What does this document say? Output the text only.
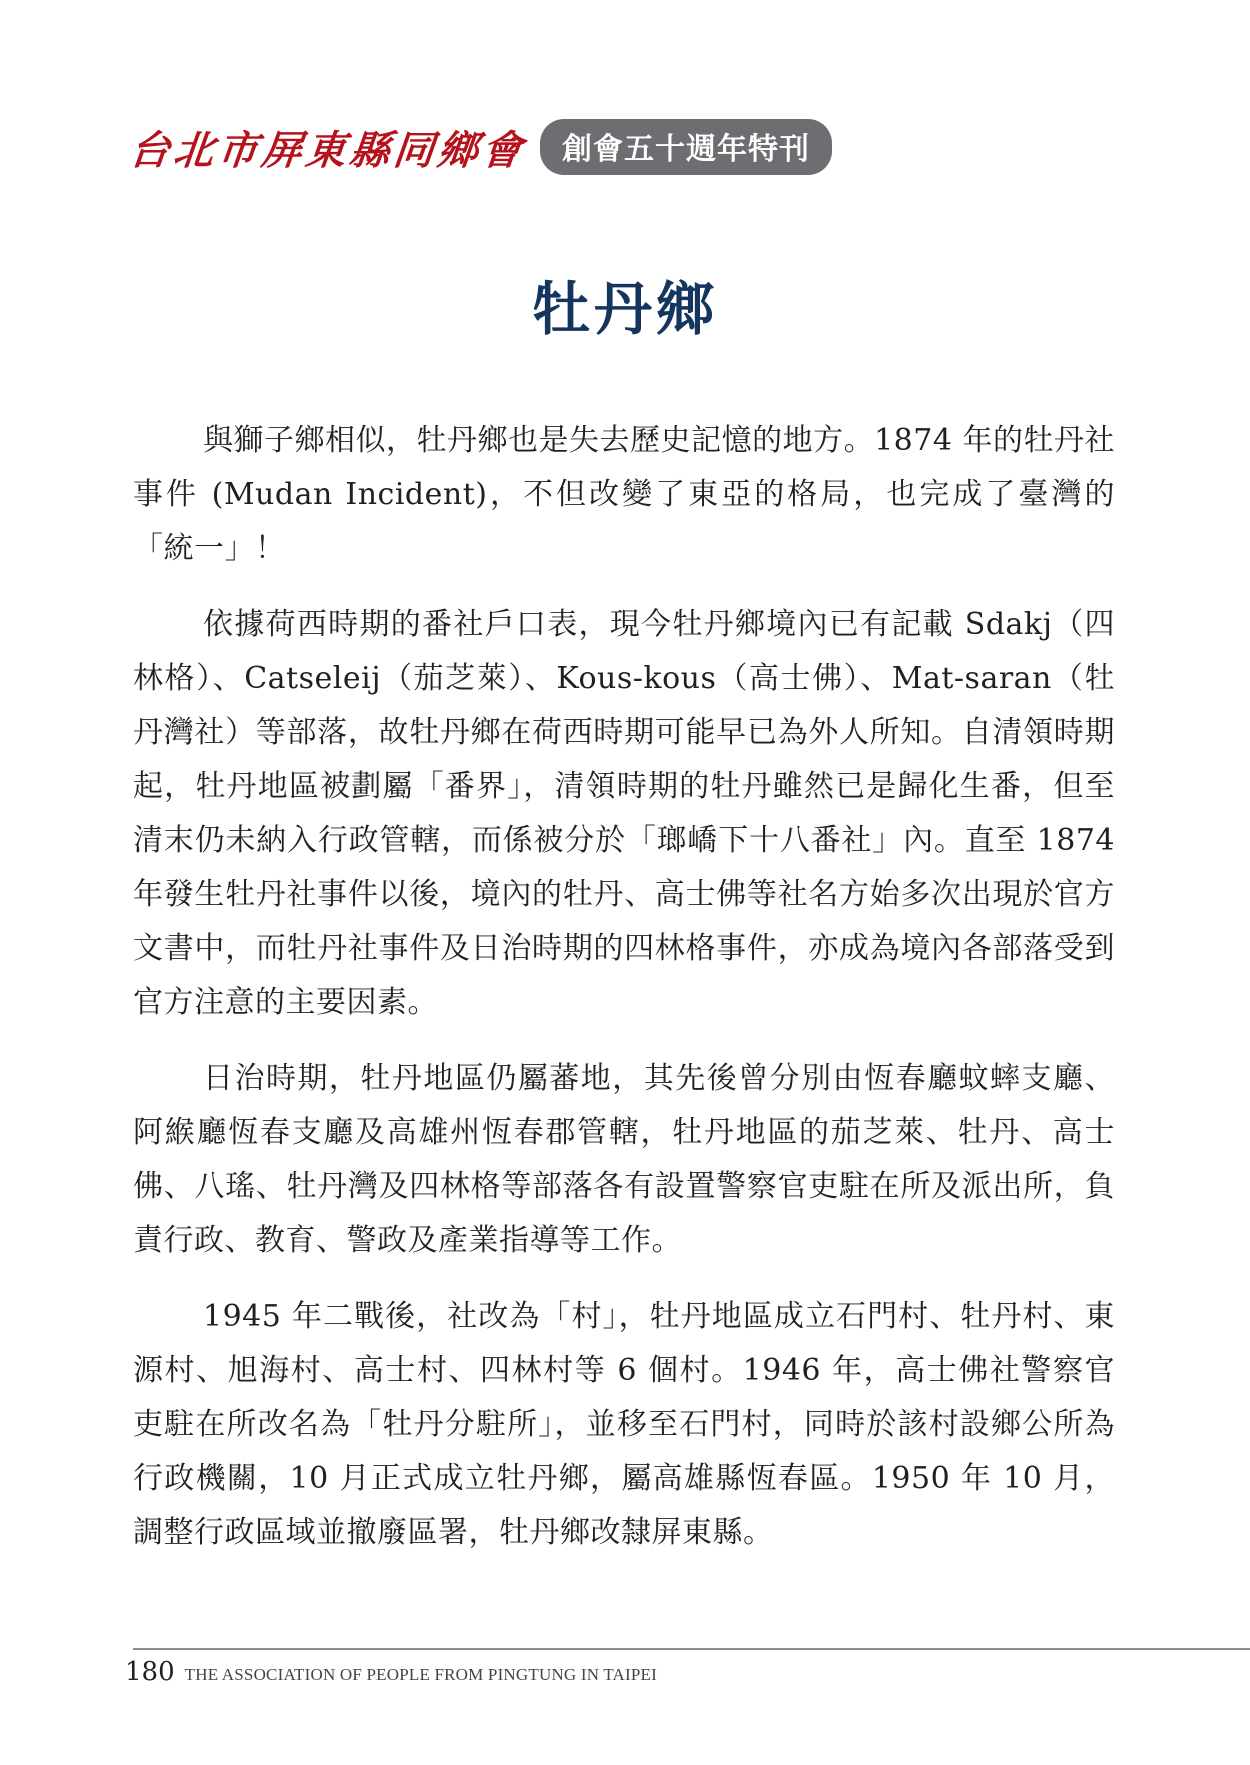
台北市屏東縣同鄉會	創會五十週年特刊
牡丹鄉

與獅子鄉相似，牡丹鄉也是失去歷史記憶的地方。1874 年的牡丹社事件 (Mudan Incident)，不但改變了東亞的格局，也完成了臺灣的「統一」！

依據荷西時期的番社戶口表，現今牡丹鄉境內已有記載 Sdakj（四林格）、Catseleij（茄芝萊）、Kous-kous（高士佛）、Mat-saran（牡丹灣社）等部落，故牡丹鄉在荷西時期可能早已為外人所知。自清領時期起，牡丹地區被劃屬「番界」，清領時期的牡丹雖然已是歸化生番，但至清末仍未納入行政管轄，而係被分於「瑯嶠下十八番社」內。直至 1874 年發生牡丹社事件以後，境內的牡丹、高士佛等社名方始多次出現於官方文書中，而牡丹社事件及日治時期的四林格事件，亦成為境內各部落受到官方注意的主要因素。

日治時期，牡丹地區仍屬蕃地，其先後曾分別由恆春廳蚊蟀支廳、阿緱廳恆春支廳及高雄州恆春郡管轄，牡丹地區的茄芝萊、牡丹、高士佛、八瑤、牡丹灣及四林格等部落各有設置警察官吏駐在所及派出所，負責行政、教育、警政及產業指導等工作。

1945 年二戰後，社改為「村」，牡丹地區成立石門村、牡丹村、東源村、旭海村、高士村、四林村等 6 個村。1946 年，高士佛社警察官吏駐在所改名為「牡丹分駐所」，並移至石門村，同時於該村設鄉公所為行政機關，10 月正式成立牡丹鄉，屬高雄縣恆春區。1950 年 10 月，調整行政區域並撤廢區署，牡丹鄉改隸屏東縣。

180 THE ASSOCIATION OF PEOPLE FROM PINGTUNG IN TAIPEI
